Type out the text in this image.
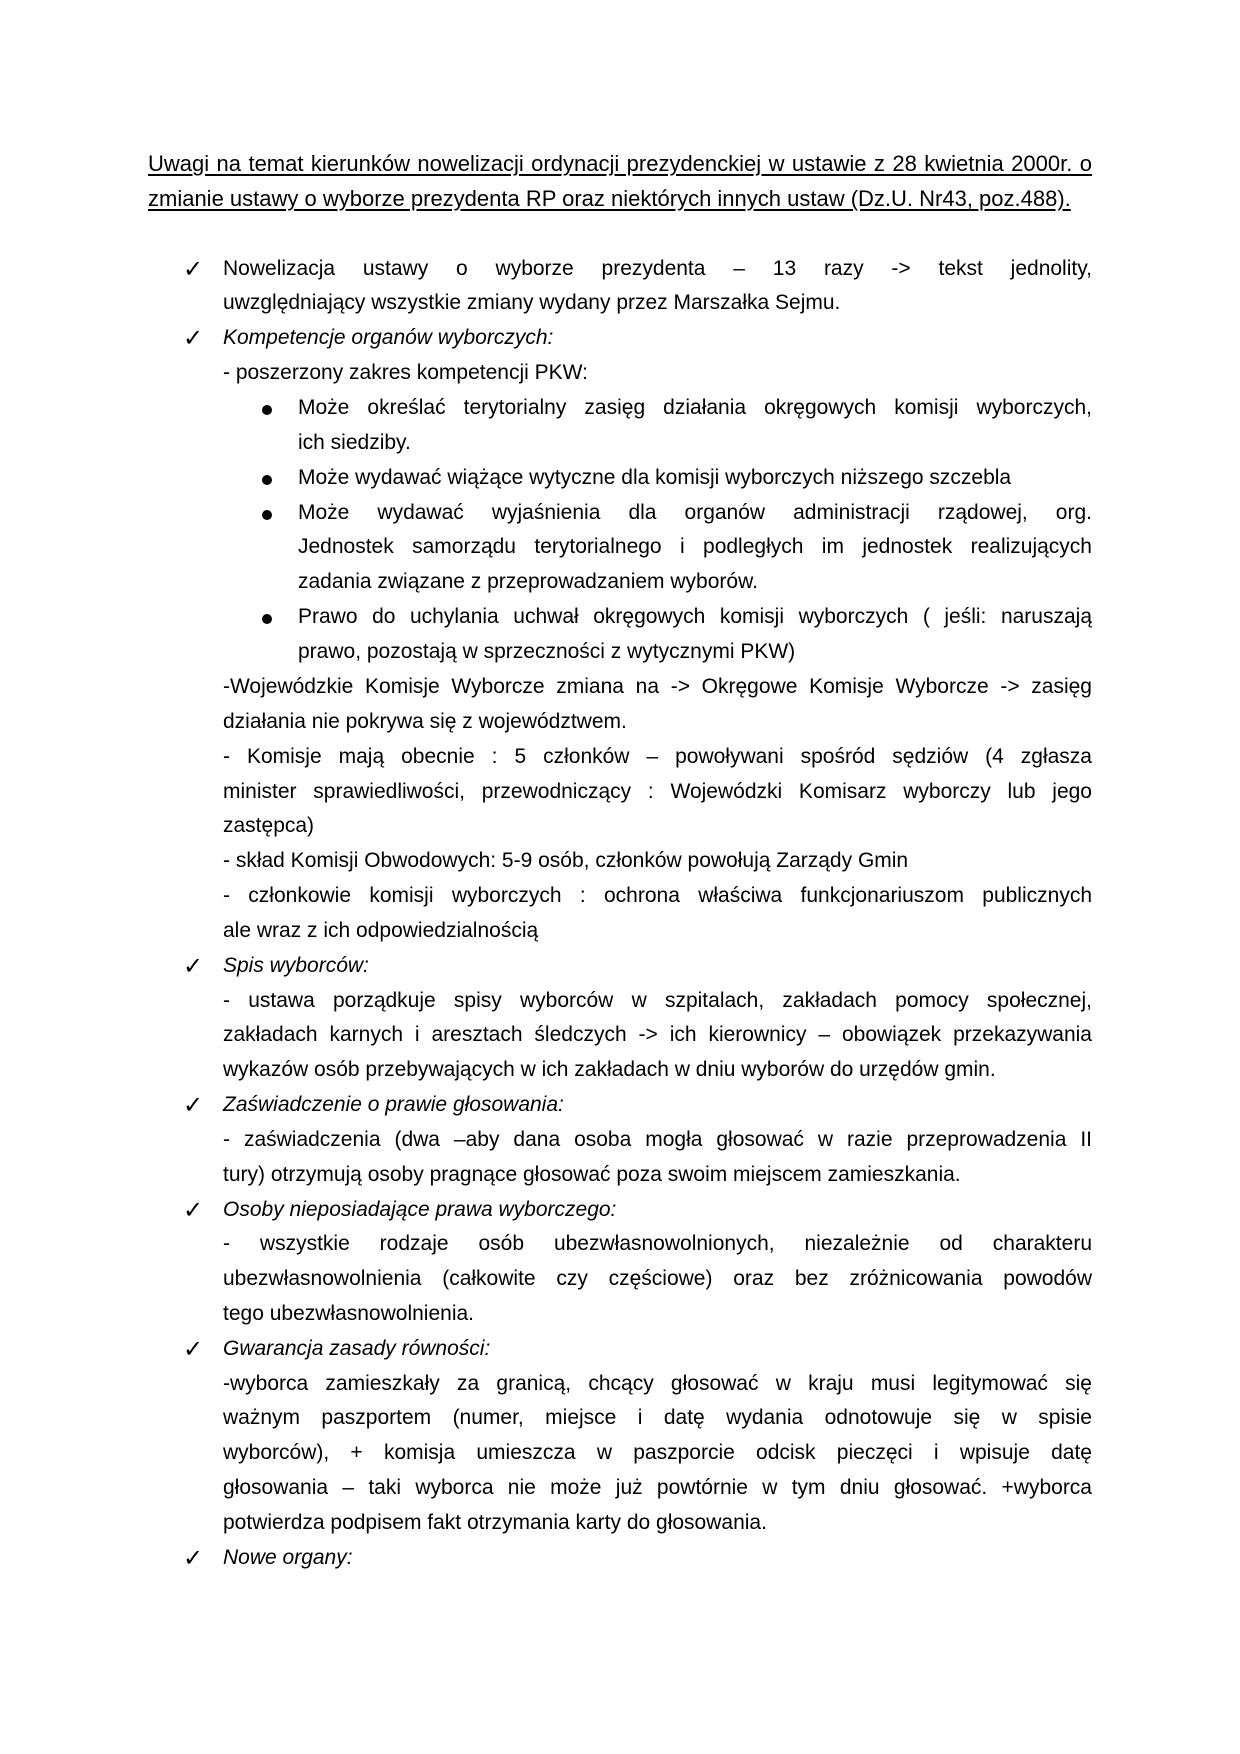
Uwagi na temat kierunków nowelizacji ordynacji prezydenckiej w ustawie z 28 kwietnia 2000r. o zmianie ustawy o wyborze prezydenta RP oraz niektórych innych ustaw (Dz.U. Nr43, poz.488).
✓ Nowelizacja ustawy o wyborze prezydenta – 13 razy -> tekst jednolity,
uwzględniający wszystkie zmiany wydany przez Marszałka Sejmu.
✓ Kompetencje organów wyborczych:
- poszerzony zakres kompetencji PKW:
Może określać terytorialny zasięg działania okręgowych komisji wyborczych,
ich siedziby.
Może wydawać wiążące wytyczne dla komisji wyborczych niższego szczebla
Może wydawać wyjaśnienia dla organów administracji rządowej, org.
Jednostek samorządu terytorialnego i podległych im jednostek realizujących
zadania związane z przeprowadzaniem wyborów.
Prawo do uchylania uchwał okręgowych komisji wyborczych ( jeśli: naruszają
prawo, pozostają w sprzeczności z wytycznymi PKW)
-Wojewódzkie Komisje Wyborcze zmiana na -> Okręgowe Komisje Wyborcze -> zasięg
działania nie pokrywa się z województwem.
- Komisje mają obecnie : 5 członków – powoływani spośród sędziów (4 zgłasza
minister sprawiedliwości, przewodniczący : Wojewódzki Komisarz wyborczy lub jego
zastępca)
- skład Komisji Obwodowych: 5-9 osób, członków powołują Zarządy Gmin
- członkowie komisji wyborczych : ochrona właściwa funkcjonariuszom publicznych
ale wraz z ich odpowiedzialnością
✓ Spis wyborców:
- ustawa porządkuje spisy wyborców w szpitalach, zakładach pomocy społecznej,
zakładach karnych i aresztach śledczych -> ich kierownicy – obowiązek przekazywania
wykazów osób przebywających w ich zakładach w dniu wyborów do urzędów gmin.
✓ Zaświadczenie o prawie głosowania:
- zaświadczenia (dwa –aby dana osoba mogła głosować w razie przeprowadzenia II
tury) otrzymują osoby pragnące głosować poza swoim miejscem zamieszkania.
✓ Osoby nieposiadające prawa wyborczego:
- wszystkie rodzaje osób ubezwłasnowolnionych, niezależnie od charakteru
ubezwłasnowolnienia (całkowite czy częściowe) oraz bez zróżnicowania powodów
tego ubezwłasnowolnienia.
✓ Gwarancja zasady równości:
-wyborca zamieszkały za granicą, chcący głosować w kraju musi legitymować się
ważnym paszportem (numer, miejsce i datę wydania odnotowuje się w spisie
wyborców), + komisja umieszcza w paszporcie odcisk pieczęci i wpisuje datę
głosowania – taki wyborca nie może już powtórnie w tym dniu głosować. +wyborca
potwierdza podpisem fakt otrzymania karty do głosowania.
✓ Nowe organy:
